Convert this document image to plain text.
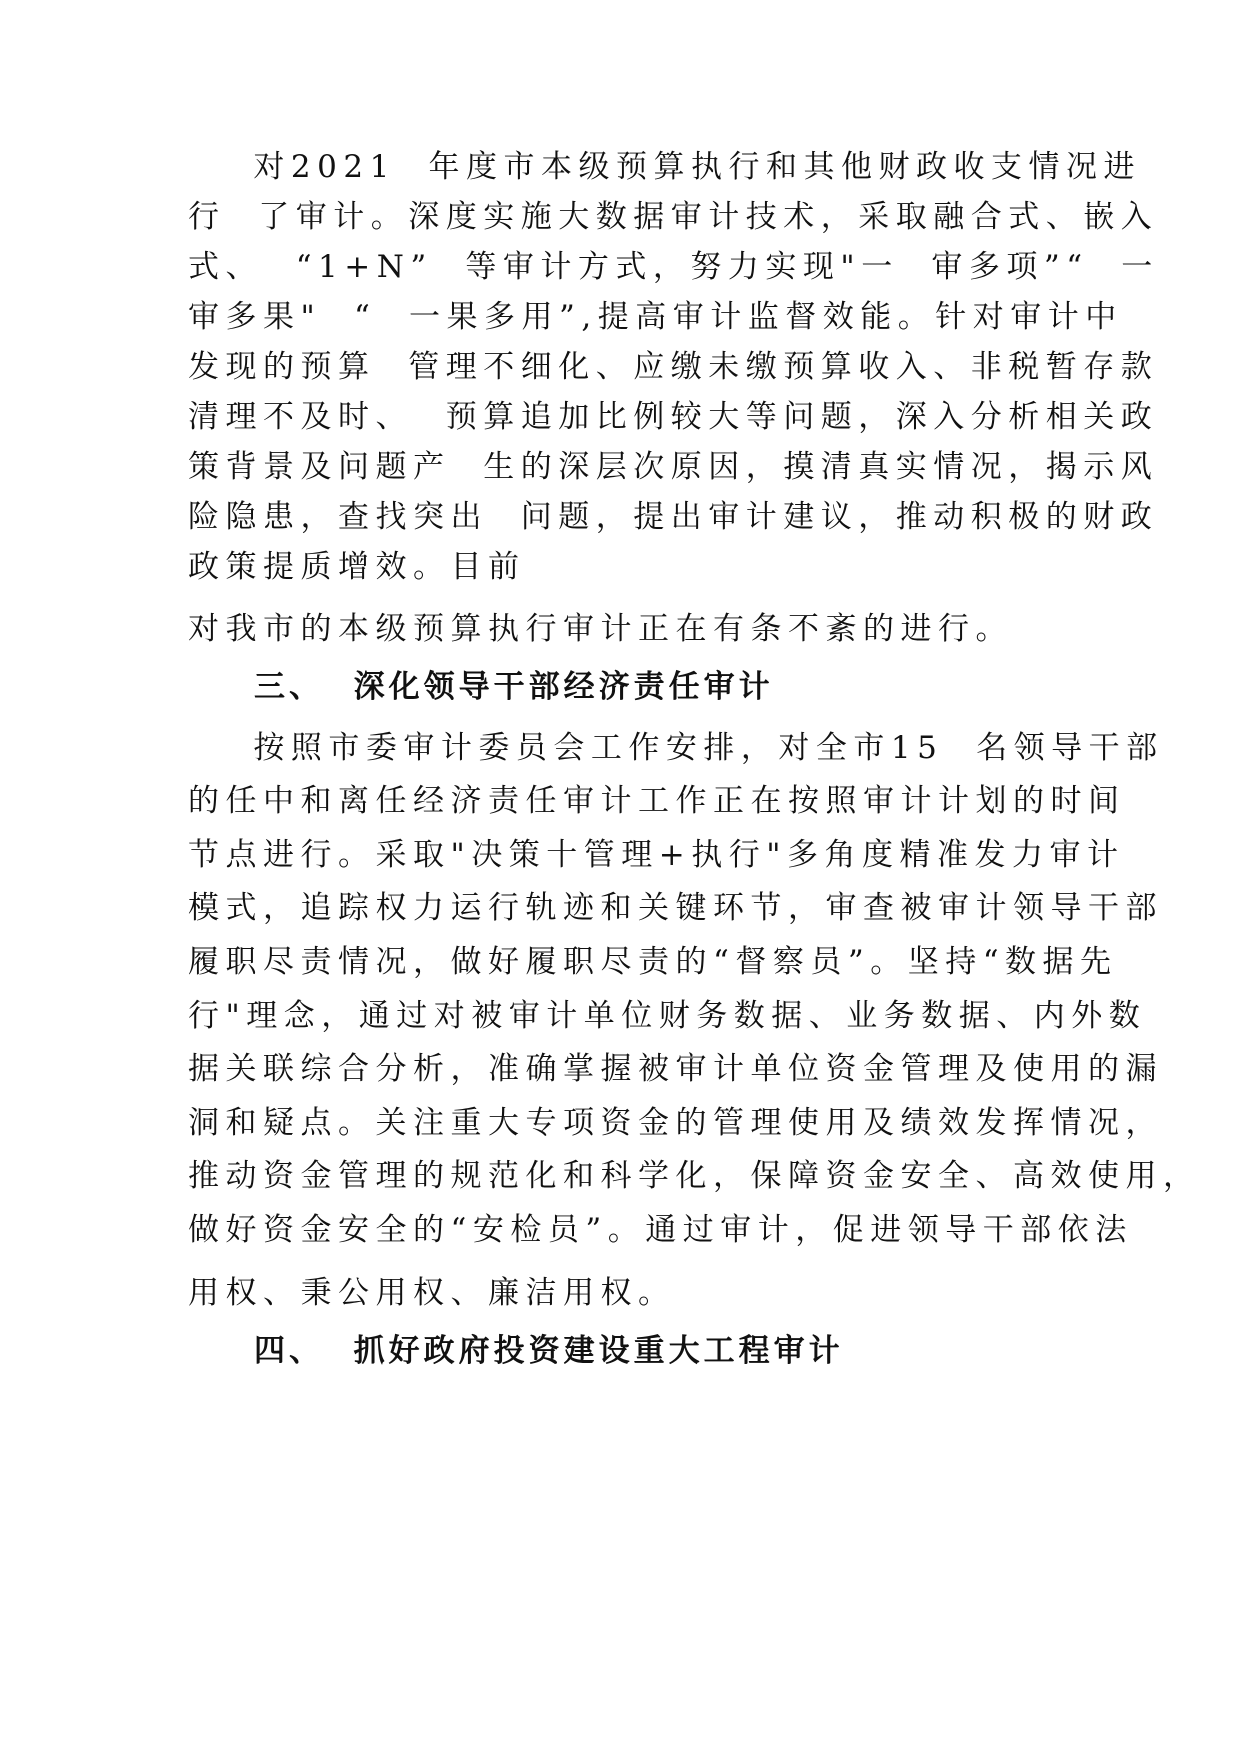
对2021  年度市本级预算执行和其他财政收支情况进

行  了审计。深度实施大数据审计技术，采取融合式、嵌入

式、  “1+N”  等审计方式，努力实现"一  审多项”“  一

审多果"  “  一果多用”,提高审计监督效能。针对审计中

发现的预算  管理不细化、应缴未缴预算收入、非税暂存款

清理不及时、  预算追加比例较大等问题，深入分析相关政

策背景及问题产  生的深层次原因，摸清真实情况，揭示风

险隐患，查找突出  问题，提出审计建议，推动积极的财政

政策提质增效。目前

对我市的本级预算执行审计正在有条不紊的进行。

三、  深化领导干部经济责任审计

按照市委审计委员会工作安排，对全市15  名领导干部

的任中和离任经济责任审计工作正在按照审计计划的时间

节点进行。采取"决策十管理+执行"多角度精准发力审计

模式，追踪权力运行轨迹和关键环节，审查被审计领导干部

履职尽责情况，做好履职尽责的“督察员”。坚持“数据先

行"理念，通过对被审计单位财务数据、业务数据、内外数

据关联综合分析，准确掌握被审计单位资金管理及使用的漏

洞和疑点。关注重大专项资金的管理使用及绩效发挥情况，

推动资金管理的规范化和科学化，保障资金安全、高效使用，

做好资金安全的“安检员”。通过审计，促进领导干部依法

用权、秉公用权、廉洁用权。

四、  抓好政府投资建设重大工程审计
